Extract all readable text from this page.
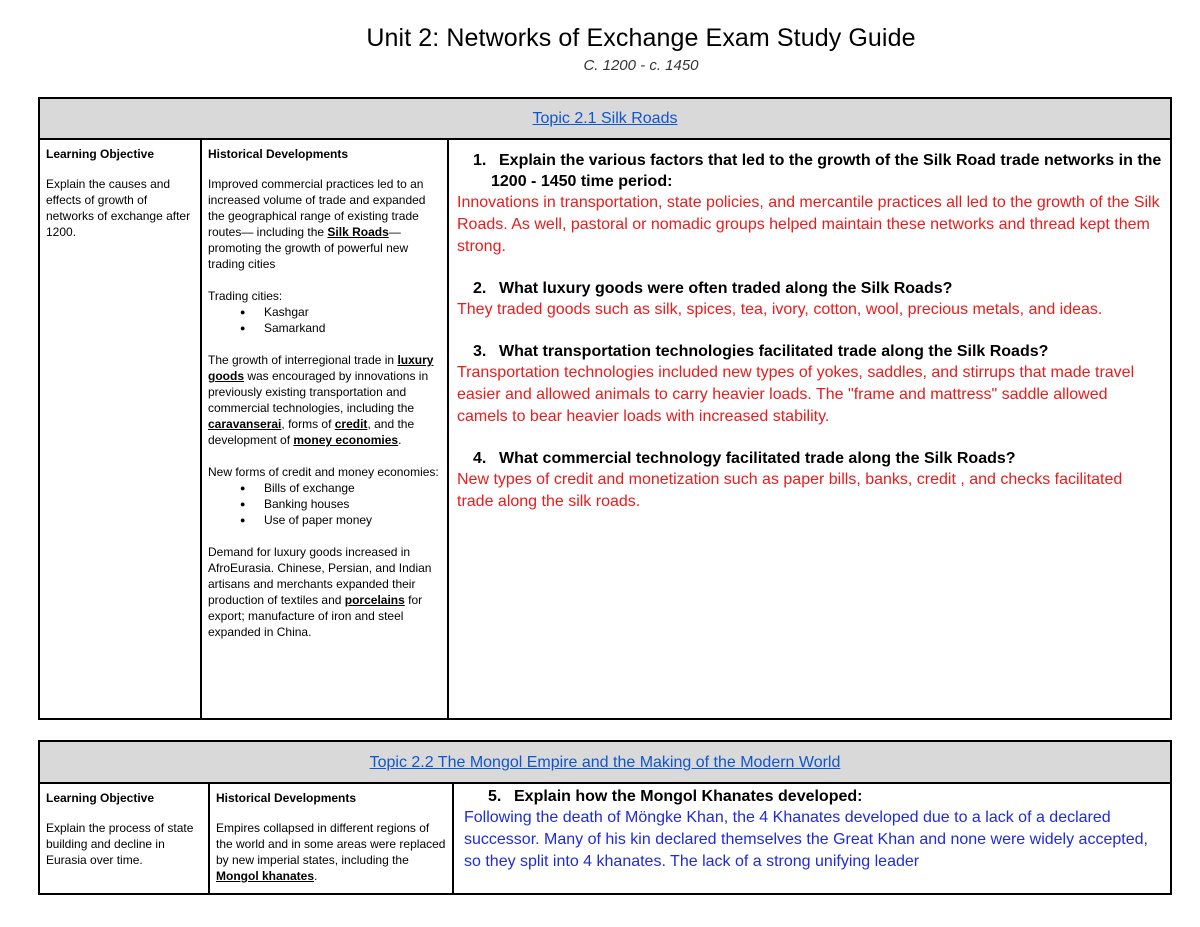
Unit 2: Networks of Exchange Exam Study Guide
C. 1200 - c. 1450
Topic 2.1 Silk Roads
Learning Objective

Explain the causes and effects of growth of networks of exchange after 1200.

Historical Developments

Improved commercial practices led to an increased volume of trade and expanded the geographical range of existing trade routes— including the Silk Roads—promoting the growth of powerful new trading cities

Trading cities:
● Kashgar
● Samarkand

The growth of interregional trade in luxury goods was encouraged by innovations in previously existing transportation and commercial technologies, including the caravanserai, forms of credit, and the development of money economies.

New forms of credit and money economies:
● Bills of exchange
● Banking houses
● Use of paper money

Demand for luxury goods increased in AfroEurasia. Chinese, Persian, and Indian artisans and merchants expanded their production of textiles and porcelains for export; manufacture of iron and steel expanded in China.

1. Explain the various factors that led to the growth of the Silk Road trade networks in the 1200 - 1450 time period:
Innovations in transportation, state policies, and mercantile practices all led to the growth of the Silk Roads. As well, pastoral or nomadic groups helped maintain these networks and thread kept them strong.
2. What luxury goods were often traded along the Silk Roads?
They traded goods such as silk, spices, tea, ivory, cotton, wool, precious metals, and ideas.
3. What transportation technologies facilitated trade along the Silk Roads?
Transportation technologies included new types of yokes, saddles, and stirrups that made travel easier and allowed animals to carry heavier loads. The "frame and mattress" saddle allowed camels to bear heavier loads with increased stability.
4. What commercial technology facilitated trade along the Silk Roads?
New types of credit and monetization such as paper bills, banks, credit , and checks facilitated trade along the silk roads.
Topic 2.2 The Mongol Empire and the Making of the Modern World
Learning Objective

Explain the process of state building and decline in Eurasia over time.

Historical Developments

Empires collapsed in different regions of the world and in some areas were replaced by new imperial states, including the Mongol khanates.

5. Explain how the Mongol Khanates developed:
Following the death of Möngke Khan, the 4 Khanates developed due to a lack of a declared successor. Many of his kin declared themselves the Great Khan and none were widely accepted, so they split into 4 khanates. The lack of a strong unifying leader
